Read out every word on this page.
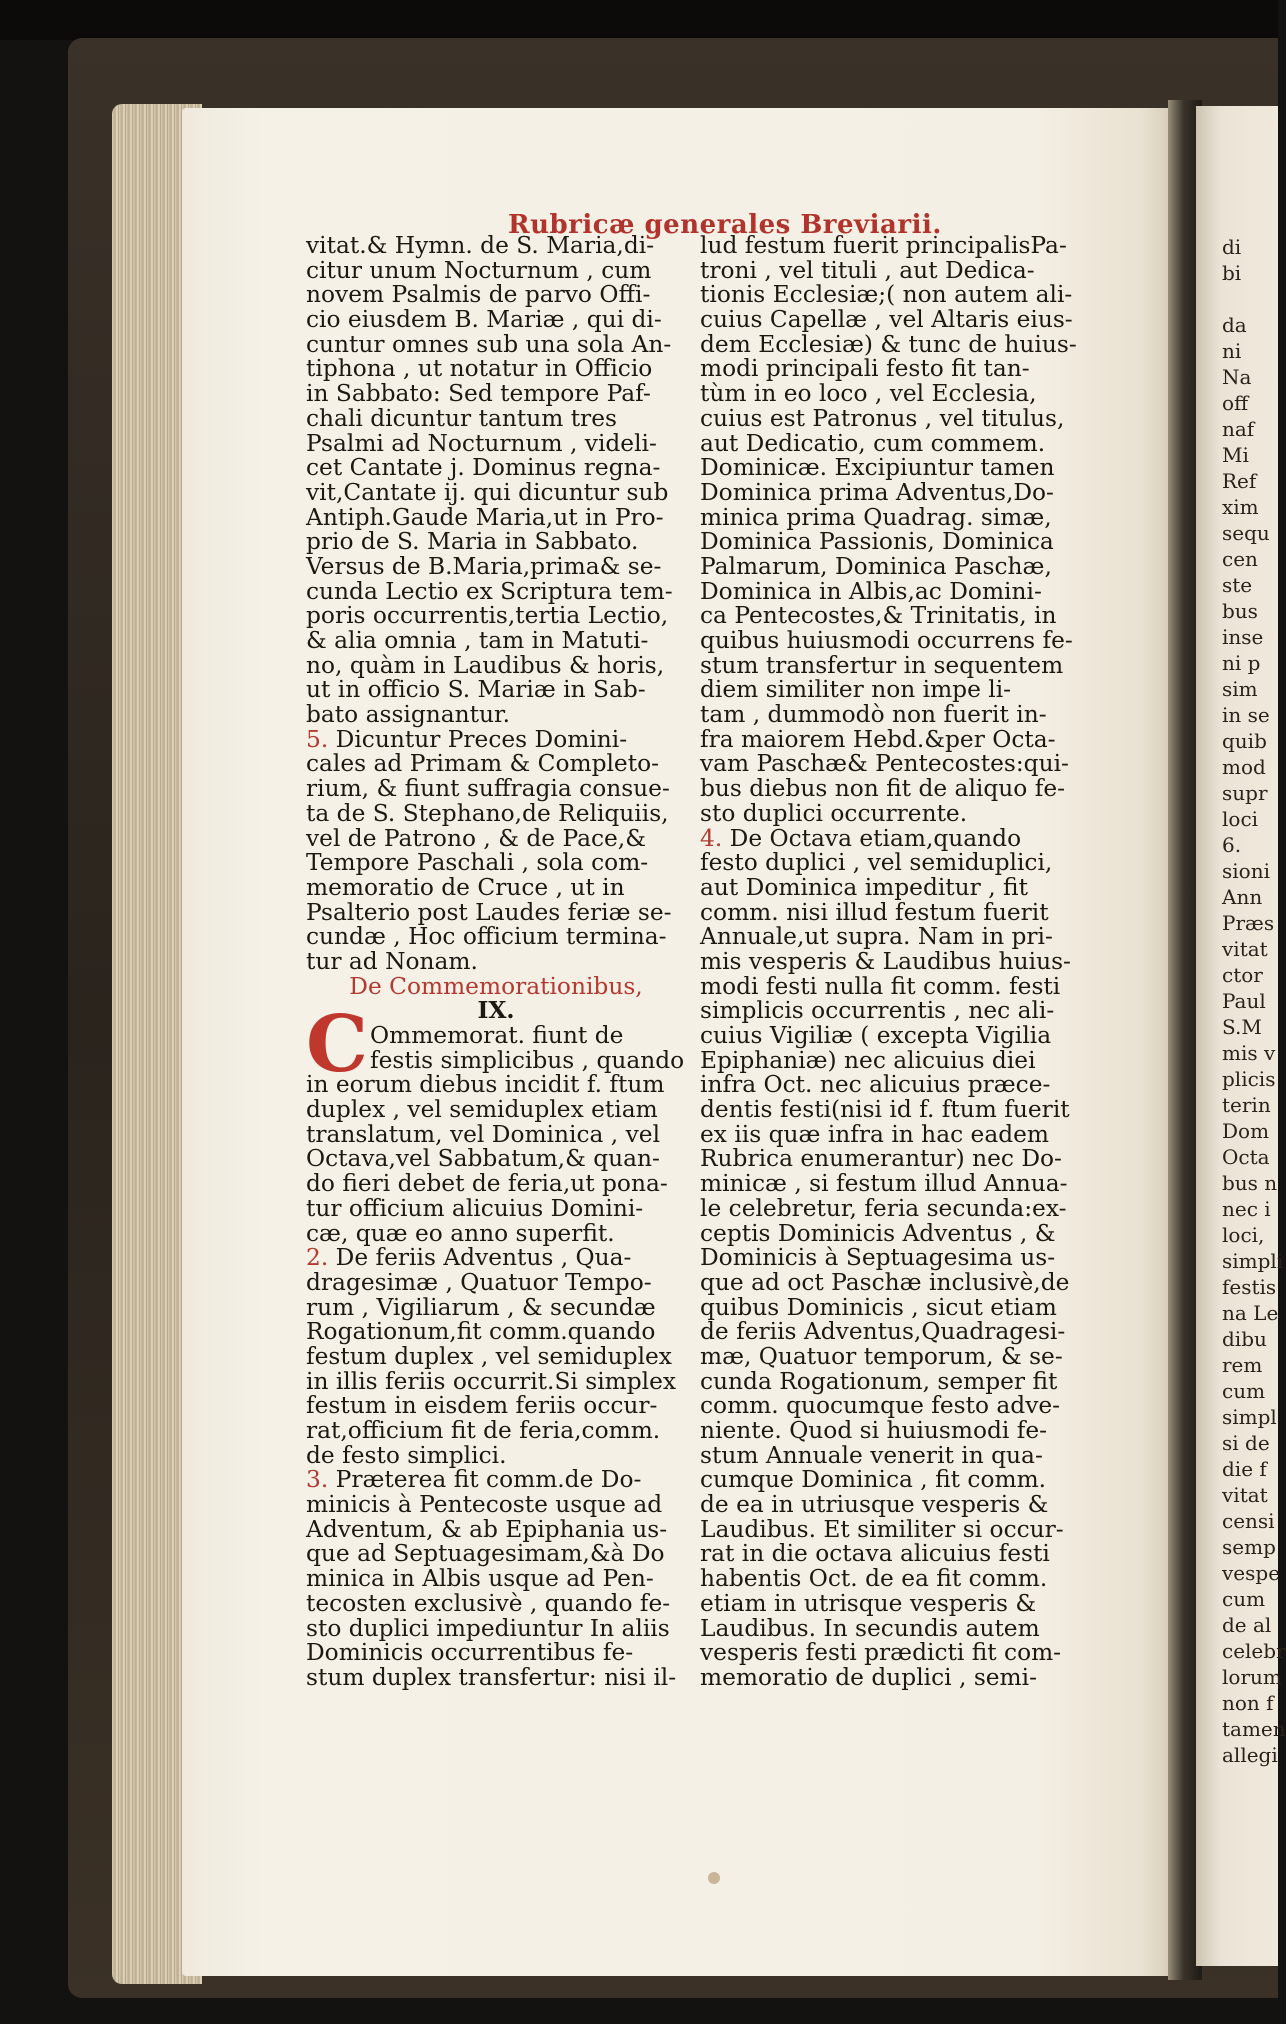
di
bi

da
ni
Na
off
naf
Mi
Ref
xim
sequ
cen
ste
bus
inse
ni p
sim
in se
quib
mod
supr
loci
6.
sioni
Ann
Præs
vitat
ctor
Paul
S.M
mis v
plicis
terin
Dom
Octa
bus n
nec i
loci,
simpli
festis
na Le
dibu
rem
cum
simpl
si de
die f
vitat
censi
semp
vespe
cum
de al
celebr
lorum
non f
tamen
allegi
Rubricæ generales Breviarii.
vitat.& Hymn. de S. Maria,di-
citur unum Nocturnum , cum
novem Psalmis de parvo Offi-
cio eiusdem B. Mariæ , qui di-
cuntur omnes sub una sola An-
tiphona , ut notatur in Officio
in Sabbato: Sed tempore Paf-
chali dicuntur tantum tres
Psalmi ad Nocturnum , videli-
cet Cantate j. Dominus regna-
vit,Cantate ij. qui dicuntur sub
Antiph.Gaude Maria,ut in Pro-
prio de S. Maria in Sabbato.
Versus de B.Maria,prima& se-
cunda Lectio ex Scriptura tem-
poris occurrentis,tertia Lectio,
& alia omnia , tam in Matuti-
no, quàm in Laudibus & horis,
ut in officio S. Mariæ in Sab-
bato assignantur.
5. Dicuntur Preces Domini-
cales ad Primam & Completo-
rium, & fiunt suffragia consue-
ta de S. Stephano,de Reliquiis,
vel de Patrono , & de Pace,&
Tempore Paschali , sola com-
memoratio de Cruce , ut in
Psalterio post Laudes feriæ se-
cundæ , Hoc officium termina-
tur ad Nonam.
De Commemorationibus,
IX.
Ommemorat. fiunt de
festis simplicibus , quando
in eorum diebus incidit f. ftum
duplex , vel semiduplex etiam
translatum, vel Dominica , vel
Octava,vel Sabbatum,& quan-
do fieri debet de feria,ut pona-
tur officium alicuius Domini-
cæ, quæ eo anno superfit.
2. De feriis Adventus , Qua-
dragesimæ , Quatuor Tempo-
rum , Vigiliarum , & secundæ
Rogationum,fit comm.quando
festum duplex , vel semiduplex
in illis feriis occurrit.Si simplex
festum in eisdem feriis occur-
rat,officium fit de feria,comm.
de festo simplici.
3. Præterea fit comm.de Do-
minicis à Pentecoste usque ad
Adventum, & ab Epiphania us-
que ad Septuagesimam,&à Do
minica in Albis usque ad Pen-
tecosten exclusivè , quando fe-
sto duplici impediuntur In aliis
Dominicis occurrentibus fe-
stum duplex transfertur: nisi il-
C
lud festum fuerit principalisPa-
troni , vel tituli , aut Dedica-
tionis Ecclesiæ;( non autem ali-
cuius Capellæ , vel Altaris eius-
dem Ecclesiæ) & tunc de huius-
modi principali festo fit tan-
tùm in eo loco , vel Ecclesia,
cuius est Patronus , vel titulus,
aut Dedicatio, cum commem.
Dominicæ. Excipiuntur tamen
Dominica prima Adventus,Do-
minica prima Quadrag. simæ,
Dominica Passionis, Dominica
Palmarum, Dominica Paschæ,
Dominica in Albis,ac Domini-
ca Pentecostes,& Trinitatis, in
quibus huiusmodi occurrens fe-
stum transfertur in sequentem
diem similiter non impe li-
tam , dummodò non fuerit in-
fra maiorem Hebd.&per Octa-
vam Paschæ& Pentecostes:qui-
bus diebus non fit de aliquo fe-
sto duplici occurrente.
4. De Octava etiam,quando
festo duplici , vel semiduplici,
aut Dominica impeditur , fit
comm. nisi illud festum fuerit
Annuale,ut supra. Nam in pri-
mis vesperis & Laudibus huius-
modi festi nulla fit comm. festi
simplicis occurrentis , nec ali-
cuius Vigiliæ ( excepta Vigilia
Epiphaniæ) nec alicuius diei
infra Oct. nec alicuius præce-
dentis festi(nisi id f. ftum fuerit
ex iis quæ infra in hac eadem
Rubrica enumerantur) nec Do-
minicæ , si festum illud Annua-
le celebretur, feria secunda:ex-
ceptis Dominicis Adventus , &
Dominicis à Septuagesima us-
que ad oct Paschæ inclusivè,de
quibus Dominicis , sicut etiam
de feriis Adventus,Quadragesi-
mæ, Quatuor temporum, & se-
cunda Rogationum, semper fit
comm. quocumque festo adve-
niente. Quod si huiusmodi fe-
stum Annuale venerit in qua-
cumque Dominica , fit comm.
de ea in utriusque vesperis &
Laudibus. Et similiter si occur-
rat in die octava alicuius festi
habentis Oct. de ea fit comm.
etiam in utrisque vesperis &
Laudibus. In secundis autem
vesperis festi prædicti fit com-
memoratio de duplici , semi-
